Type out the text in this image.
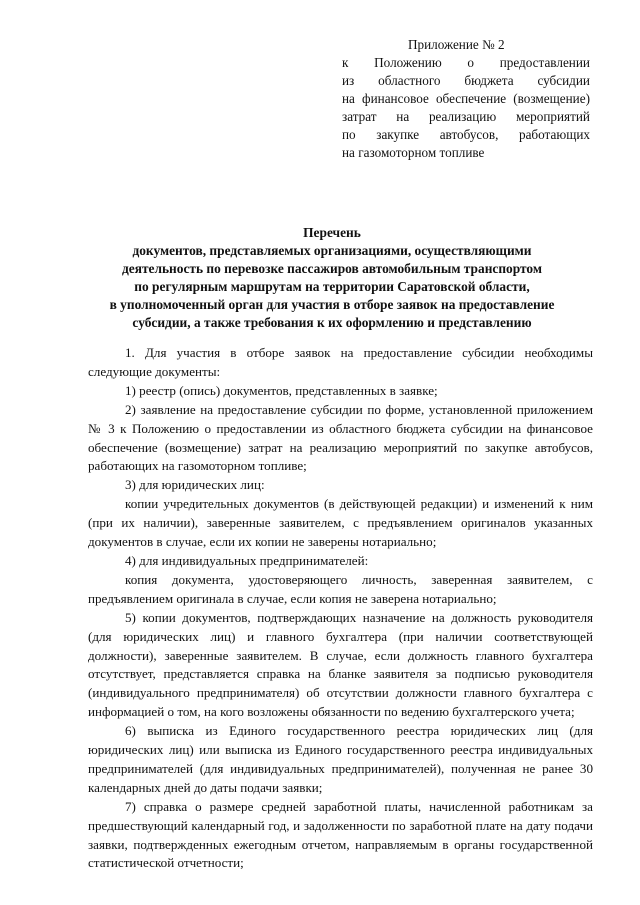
Приложение № 2
к Положению о предоставлении
из областного бюджета субсидии
на финансовое обеспечение (возмещение)
затрат на реализацию мероприятий
по закупке автобусов, работающих
на газомоторном топливе
Перечень
документов, представляемых организациями, осуществляющими
деятельность по перевозке пассажиров автомобильным транспортом
по регулярным маршрутам на территории Саратовской области,
в уполномоченный орган для участия в отборе заявок на предоставление
субсидии, а также требования к их оформлению и представлению

1. Для участия в отборе заявок на предоставление субсидии необходимы следующие документы:

1) реестр (опись) документов, представленных в заявке;

2) заявление на предоставление субсидии по форме, установленной приложением № 3 к Положению о предоставлении из областного бюджета субсидии на финансовое обеспечение (возмещение) затрат на реализацию мероприятий по закупке автобусов, работающих на газомоторном топливе;

3) для юридических лиц:

копии учредительных документов (в действующей редакции) и изменений к ним (при их наличии), заверенные заявителем, с предъявлением оригиналов указанных документов в случае, если их копии не заверены нотариально;

4) для индивидуальных предпринимателей:

копия документа, удостоверяющего личность, заверенная заявителем, с предъявлением оригинала в случае, если копия не заверена нотариально;

5) копии документов, подтверждающих назначение на должность руководителя (для юридических лиц) и главного бухгалтера (при наличии соответствующей должности), заверенные заявителем. В случае, если должность главного бухгалтера отсутствует, представляется справка на бланке заявителя за подписью руководителя (индивидуального предпринимателя) об отсутствии должности главного бухгалтера с информацией о том, на кого возложены обязанности по ведению бухгалтерского учета;

6) выписка из Единого государственного реестра юридических лиц (для юридических лиц) или выписка из Единого государственного реестра индивидуальных предпринимателей (для индивидуальных предпринимателей), полученная не ранее 30 календарных дней до даты подачи заявки;

7) справка о размере средней заработной платы, начисленной работникам за предшествующий календарный год, и задолженности по заработной плате на дату подачи заявки, подтвержденных ежегодным отчетом, направляемым в органы государственной статистической отчетности;
